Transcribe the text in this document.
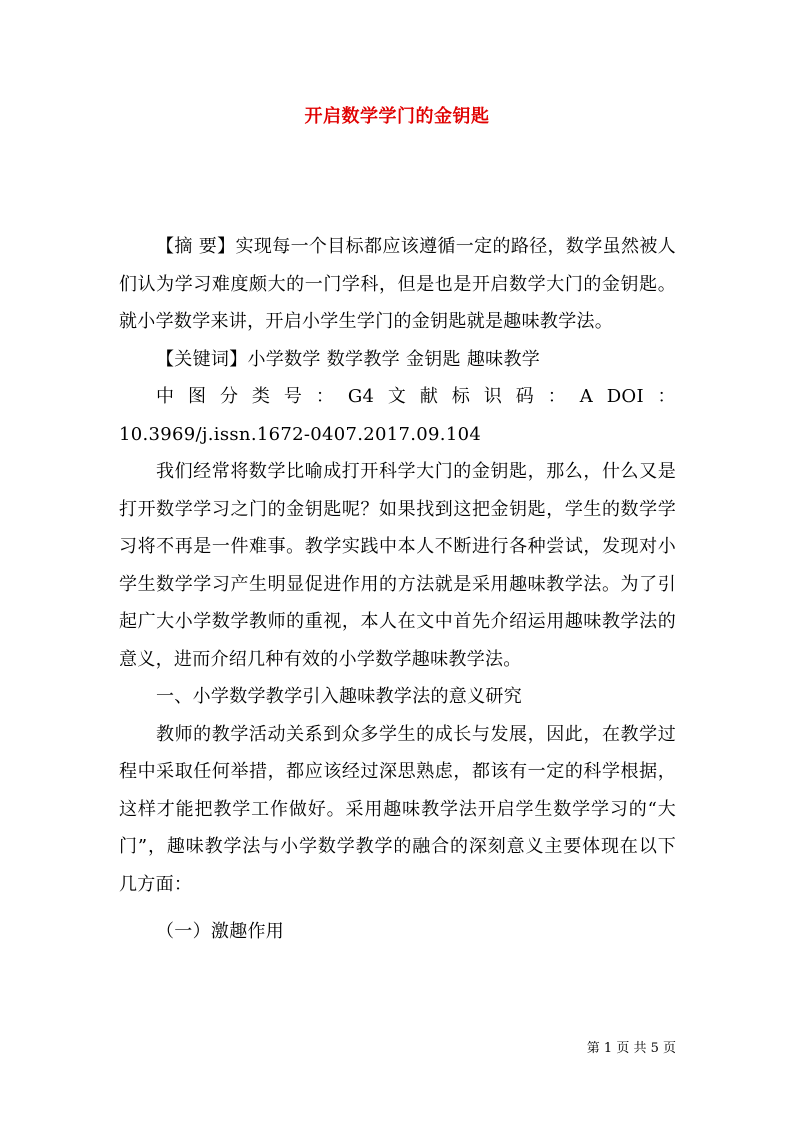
开启数学学门的金钥匙

【摘 要】实现每一个目标都应该遵循一定的路径，数学虽然被人们认为学习难度颇大的一门学科，但是也是开启数学大门的金钥匙。就小学数学来讲，开启小学生学门的金钥匙就是趣味教学法。

【关键词】小学数学 数学教学 金钥匙 趣味教学

中 图 分 类 号 ： G4 文 献 标 识 码 ： A DOI ：

10.3969/j.issn.1672-0407.2017.09.104

我们经常将数学比喻成打开科学大门的金钥匙，那么，什么又是打开数学学习之门的金钥匙呢？如果找到这把金钥匙，学生的数学学习将不再是一件难事。教学实践中本人不断进行各种尝试，发现对小学生数学学习产生明显促进作用的方法就是采用趣味教学法。为了引起广大小学数学教师的重视，本人在文中首先介绍运用趣味教学法的意义，进而介绍几种有效的小学数学趣味教学法。

一、小学数学教学引入趣味教学法的意义研究

教师的教学活动关系到众多学生的成长与发展，因此，在教学过程中采取任何举措，都应该经过深思熟虑，都该有一定的科学根据，这样才能把教学工作做好。采用趣味教学法开启学生数学学习的“大门”，趣味教学法与小学数学教学的融合的深刻意义主要体现在以下几方面：

（一）激趣作用

第 1 页 共 5 页
